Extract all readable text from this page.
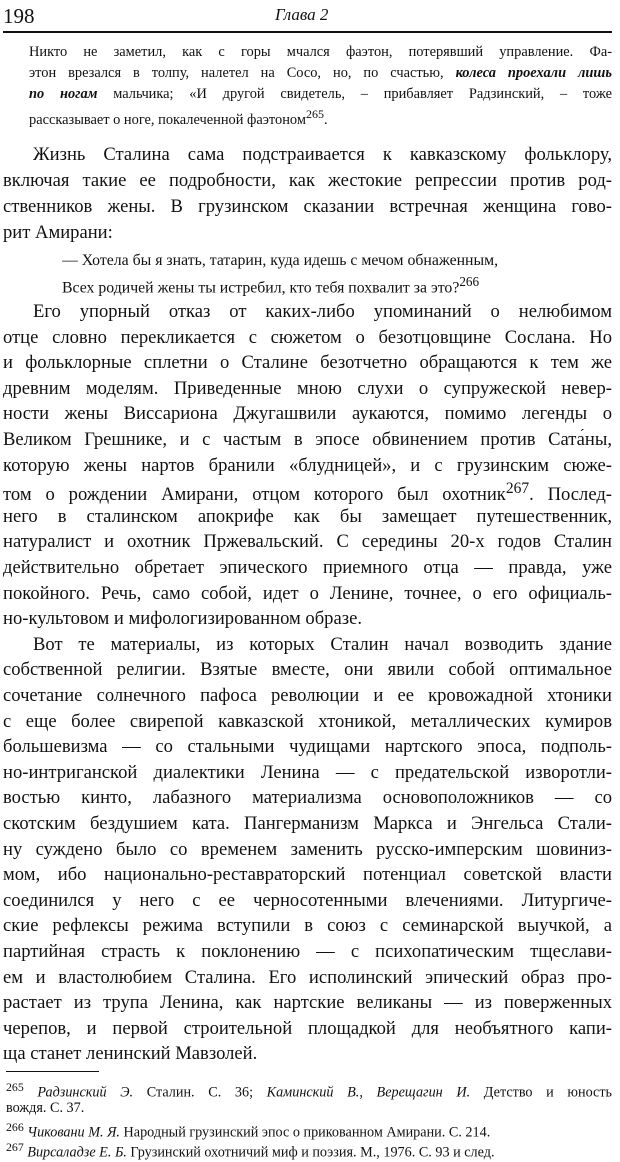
198	Глава 2
Никто не заметил, как с горы мчался фаэтон, потерявший управление. Фа-
этон врезался в толпу, налетел на Сосо, но, по счастью, колеса проехали лишь
по ногам мальчика; «И другой свидетель, – прибавляет Радзинский, – тоже
рассказывает о ноге, покалеченной фаэтоном$^{265}$.
Жизнь Сталина сама подстраивается к кавказскому фольклору,
включая такие ее подробности, как жестокие репрессии против род-
ственников жены. В грузинском сказании встречная женщина гово-
рит Амирани:
— Хотела бы я знать, татарин, куда идешь с мечом обнаженным,
Всех родичей жены ты истребил, кто тебя похвалит за это?$^{266}$
Его упорный отказ от каких-либо упоминаний о нелюбимом
отце словно перекликается с сюжетом о безотцовщине Сослана. Но
и фольклорные сплетни о Сталине безотчетно обращаются к тем же
древним моделям. Приведенные мною слухи о супружеской невер-
ности жены Виссариона Джугашвили аукаются, помимо легенды о
Великом Грешнике, и с частым в эпосе обвинением против Сата́ны,
которую жены нартов бранили «блудницей», и с грузинским сюже-
том о рождении Амирани, отцом которого был охотник$^{267}$. Послед-
него в сталинском апокрифе как бы замещает путешественник,
натуралист и охотник Пржевальский. С середины 20-х годов Сталин
действительно обретает эпического приемного отца — правда, уже
покойного. Речь, само собой, идет о Ленине, точнее, о его официаль-
но-культовом и мифологизированном образе.
Вот те материалы, из которых Сталин начал возводить здание
собственной религии. Взятые вместе, они явили собой оптимальное
сочетание солнечного пафоса революции и ее кровожадной хтоники
с еще более свирепой кавказской хтоникой, металлических кумиров
большевизма — со стальными чудищами нартского эпоса, подполь-
но-интриганской диалектики Ленина — с предательской изворотли-
востью кинто, лабазного материализма основоположников — со
скотским бездушием ката. Пангерманизм Маркса и Энгельса Стали-
ну суждено было со временем заменить русско-имперским шовиниз-
мом, ибо национально-реставраторский потенциал советской власти
соединился у него с ее черносотенными влечениями. Литургиче-
ские рефлексы режима вступили в союз с семинарской выучкой, а
партийная страсть к поклонению — с психопатическим тщеслави-
ем и властолюбием Сталина. Его исполинский эпический образ про-
растает из трупа Ленина, как нартские великаны — из поверженных
черепов, и первой строительной площадкой для необъятного капи-
ща станет ленинский Мавзолей.
$^{265}$ Радзинский Э. Сталин. С. 36; Каминский В., Верещагин И. Детство и юность
вождя. С. 37.
$^{266}$ Чиковани М. Я. Народный грузинский эпос о прикованном Амирани. С. 214.
$^{267}$ Вирсаладзе Е. Б. Грузинский охотничий миф и поэзия. М., 1976. С. 93 и след.
